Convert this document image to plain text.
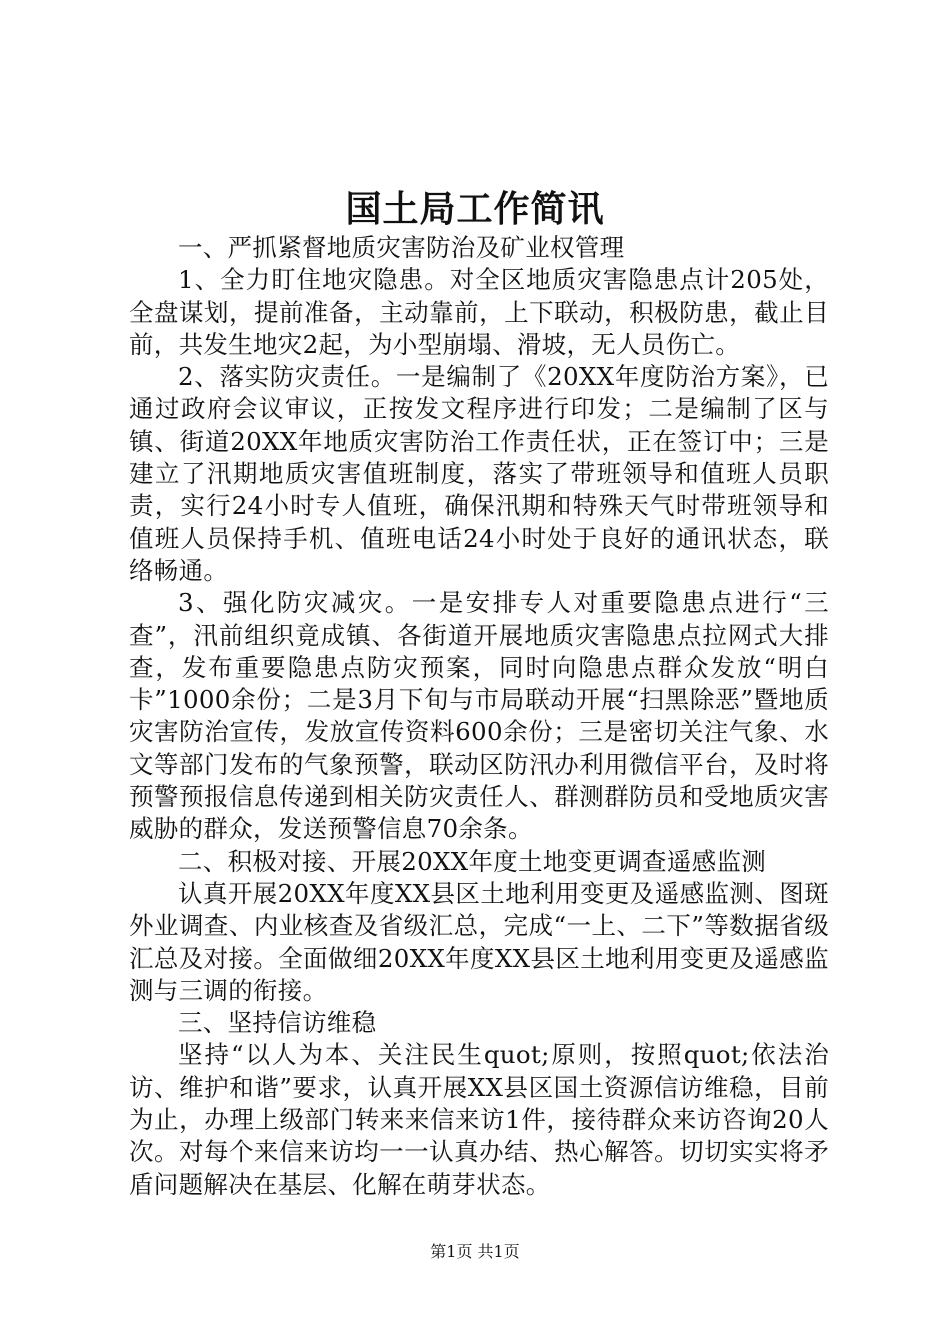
国土局工作简讯

一、严抓紧督地质灾害防治及矿业权管理

1、全力盯住地灾隐患。对全区地质灾害隐患点计205处，全盘谋划，提前准备，主动靠前，上下联动，积极防患，截止目前，共发生地灾2起，为小型崩塌、滑坡，无人员伤亡。

2、落实防灾责任。一是编制了《20XX年度防治方案》，已通过政府会议审议，正按发文程序进行印发；二是编制了区与镇、街道20XX年地质灾害防治工作责任状，正在签订中；三是建立了汛期地质灾害值班制度，落实了带班领导和值班人员职责，实行24小时专人值班，确保汛期和特殊天气时带班领导和值班人员保持手机、值班电话24小时处于良好的通讯状态，联络畅通。

3、强化防灾减灾。一是安排专人对重要隐患点进行“三查”，汛前组织竟成镇、各街道开展地质灾害隐患点拉网式大排查，发布重要隐患点防灾预案，同时向隐患点群众发放“明白卡”1000余份；二是3月下旬与市局联动开展“扫黑除恶”暨地质灾害防治宣传，发放宣传资料600余份；三是密切关注气象、水文等部门发布的气象预警，联动区防汛办利用微信平台，及时将预警预报信息传递到相关防灾责任人、群测群防员和受地质灾害威胁的群众，发送预警信息70余条。

二、积极对接、开展20XX年度土地变更调查遥感监测

认真开展20XX年度XX县区土地利用变更及遥感监测、图斑外业调查、内业核查及省级汇总，完成“一上、二下”等数据省级汇总及对接。全面做细20XX年度XX县区土地利用变更及遥感监测与三调的衔接。

三、坚持信访维稳

坚持“以人为本、关注民生quot;原则，按照quot;依法治访、维护和谐”要求，认真开展XX县区国土资源信访维稳，目前为止，办理上级部门转来来信来访1件，接待群众来访咨询20人次。对每个来信来访均一一认真办结、热心解答。切切实实将矛盾问题解决在基层、化解在萌芽状态。

第1页 共1页
